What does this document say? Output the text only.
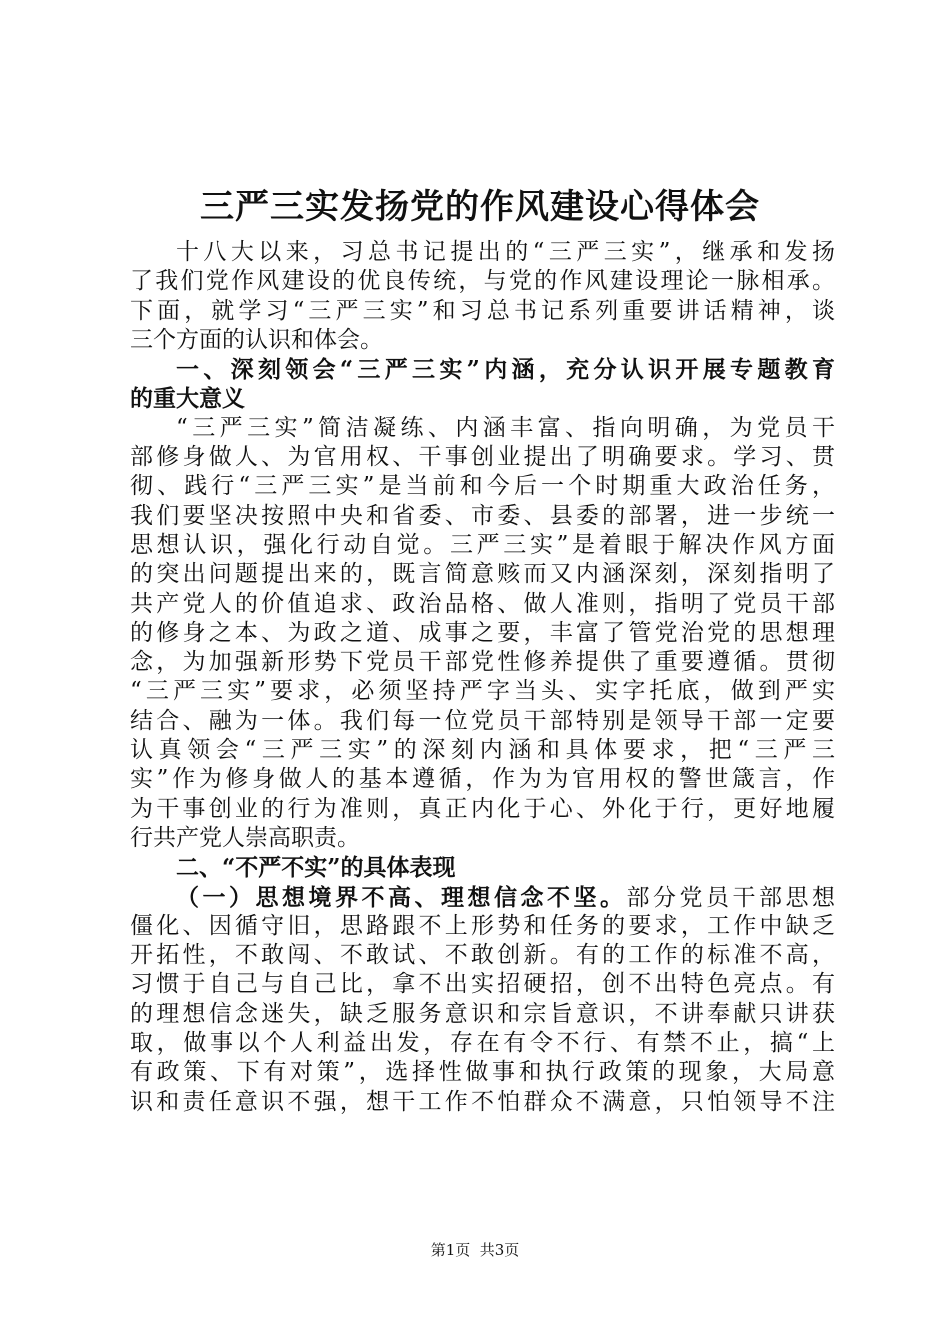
三严三实发扬党的作风建设心得体会
十八大以来，习总书记提出的“三严三实”，继承和发扬
了我们党作风建设的优良传统，与党的作风建设理论一脉相承。
下面，就学习“三严三实”和习总书记系列重要讲话精神，谈
三个方面的认识和体会。
一、深刻领会“三严三实”内涵，充分认识开展专题教育
的重大意义
“三严三实”简洁凝练、内涵丰富、指向明确，为党员干
部修身做人、为官用权、干事创业提出了明确要求。学习、贯
彻、践行“三严三实”是当前和今后一个时期重大政治任务，
我们要坚决按照中央和省委、市委、县委的部署，进一步统一
思想认识，强化行动自觉。三严三实”是着眼于解决作风方面
的突出问题提出来的，既言简意赅而又内涵深刻，深刻指明了
共产党人的价值追求、政治品格、做人准则，指明了党员干部
的修身之本、为政之道、成事之要，丰富了管党治党的思想理
念，为加强新形势下党员干部党性修养提供了重要遵循。贯彻
“三严三实”要求，必须坚持严字当头、实字托底，做到严实
结合、融为一体。我们每一位党员干部特别是领导干部一定要
认真领会“三严三实”的深刻内涵和具体要求，把“三严三
实”作为修身做人的基本遵循，作为为官用权的警世箴言，作
为干事创业的行为准则，真正内化于心、外化于行，更好地履
行共产党人崇高职责。
二、“不严不实”的具体表现
（一）思想境界不高、理想信念不坚。部分党员干部思想
僵化、因循守旧，思路跟不上形势和任务的要求，工作中缺乏
开拓性，不敢闯、不敢试、不敢创新。有的工作的标准不高，
习惯于自己与自己比，拿不出实招硬招，创不出特色亮点。有
的理想信念迷失，缺乏服务意识和宗旨意识，不讲奉献只讲获
取，做事以个人利益出发，存在有令不行、有禁不止，搞“上
有政策、下有对策”，选择性做事和执行政策的现象，大局意
识和责任意识不强，想干工作不怕群众不满意，只怕领导不注
第1页  共3页
